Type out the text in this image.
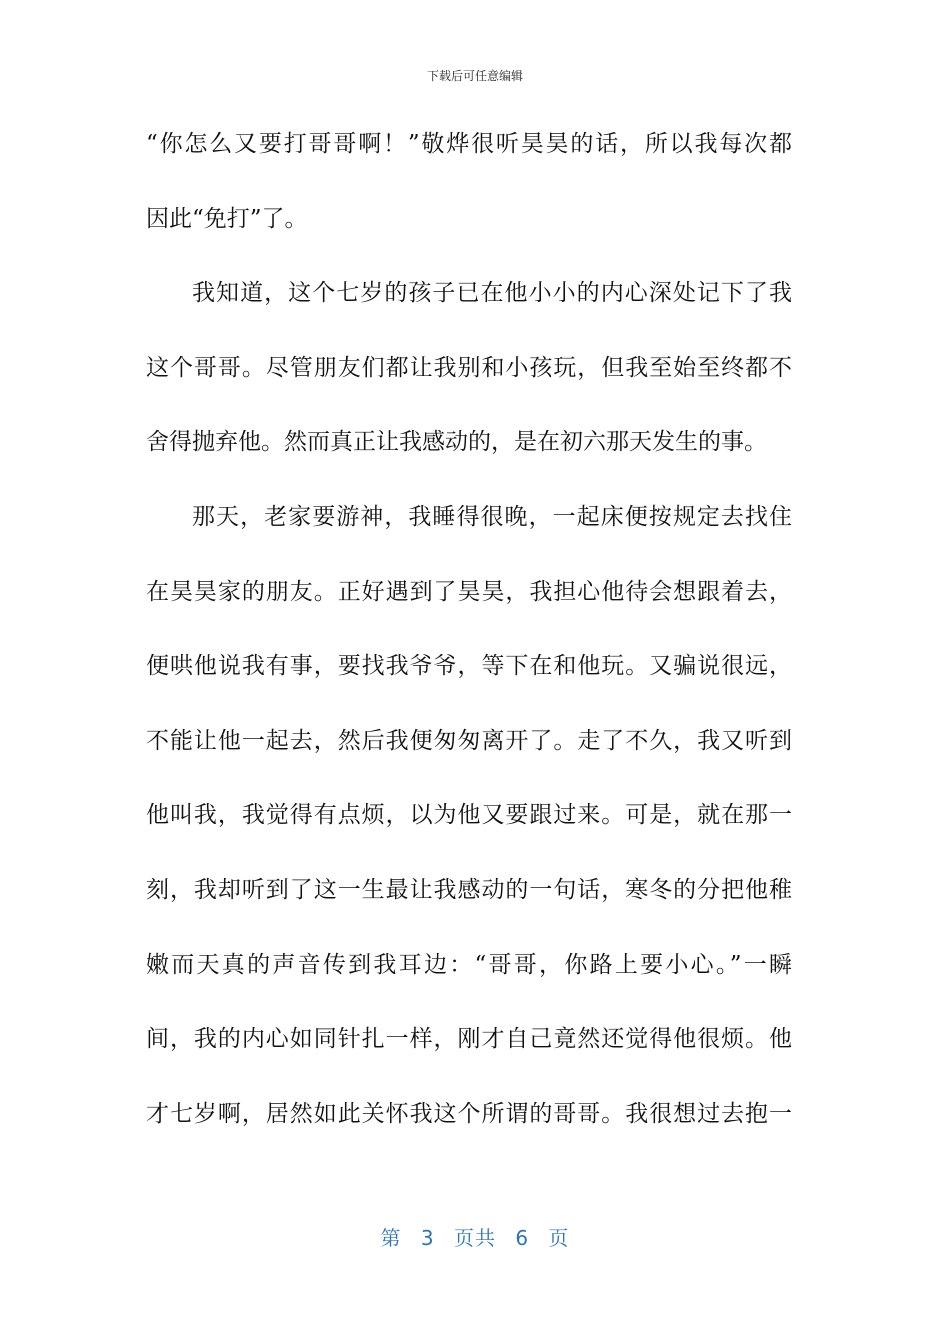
下载后可任意编辑
“你怎么又要打哥哥啊！”敬烨很听昊昊的话，所以我每次都
因此“免打”了。
我知道，这个七岁的孩子已在他小小的内心深处记下了我
这个哥哥。尽管朋友们都让我别和小孩玩，但我至始至终都不
舍得抛弃他。然而真正让我感动的，是在初六那天发生的事。
那天，老家要游神，我睡得很晚，一起床便按规定去找住
在昊昊家的朋友。正好遇到了昊昊，我担心他待会想跟着去，
便哄他说我有事，要找我爷爷，等下在和他玩。又骗说很远，
不能让他一起去，然后我便匆匆离开了。走了不久，我又听到
他叫我，我觉得有点烦，以为他又要跟过来。可是，就在那一
刻，我却听到了这一生最让我感动的一句话，寒冬的分把他稚
嫩而天真的声音传到我耳边：“哥哥，你路上要小心。”一瞬
间，我的内心如同针扎一样，刚才自己竟然还觉得他很烦。他
才七岁啊，居然如此关怀我这个所谓的哥哥。我很想过去抱一
第 3 页共 6 页
